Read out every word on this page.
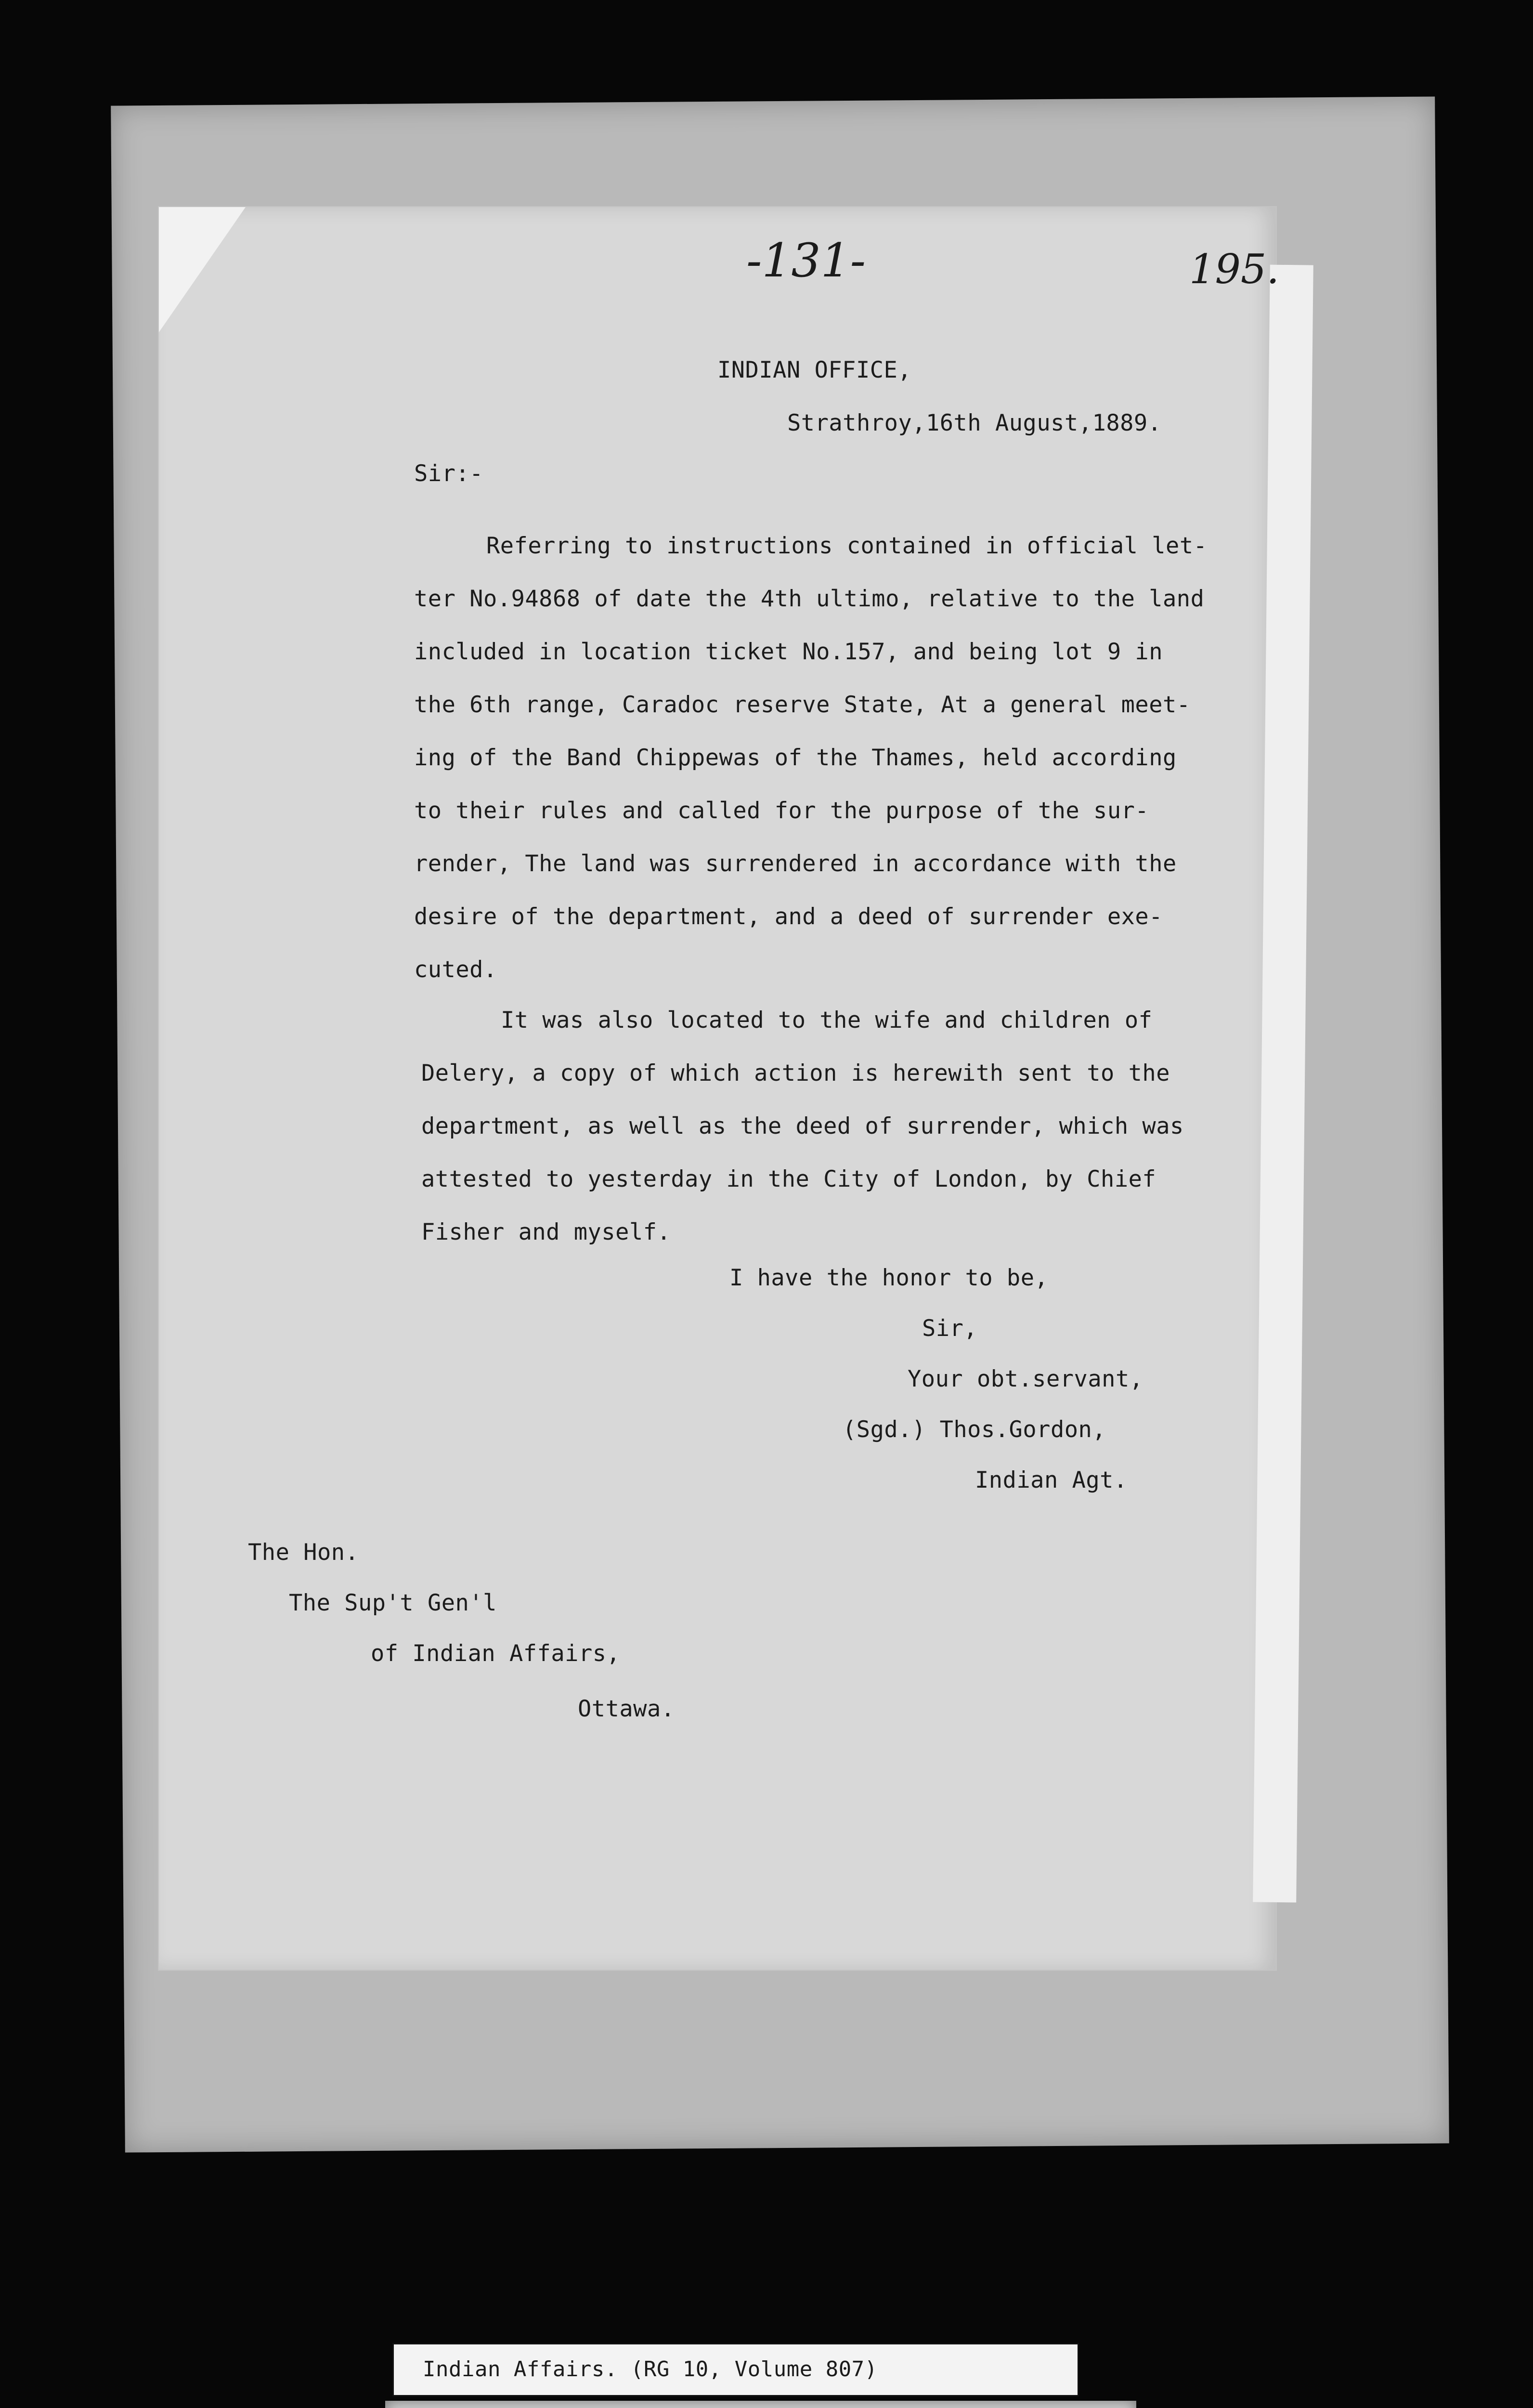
-131-	195.
INDIAN OFFICE,
Strathroy,16th August,1889.
Sir:-
Referring to instructions contained in official let-
ter No.94868 of date the 4th ultimo, relative to the land
included in location ticket No.157, and being lot 9 in
the 6th range, Caradoc reserve State, At a general meet-
ing of the Band Chippewas of the Thames, held according
to their rules and called for the purpose of the sur-
render, The land was surrendered in accordance with the
desire of the department, and a deed of surrender exe-
cuted.
It was also located to the wife and children of
Delery, a copy of which action is herewith sent to the
department, as well as the deed of surrender, which was
attested to yesterday in the City of London, by Chief
Fisher and myself.
I have the honor to be,
Sir,
Your obt.servant,
(Sgd.) Thos.Gordon,
Indian Agt.
The Hon.
The Sup't Gen'l
of Indian Affairs,
Ottawa.
Indian Affairs. (RG 10, Volume 807)
